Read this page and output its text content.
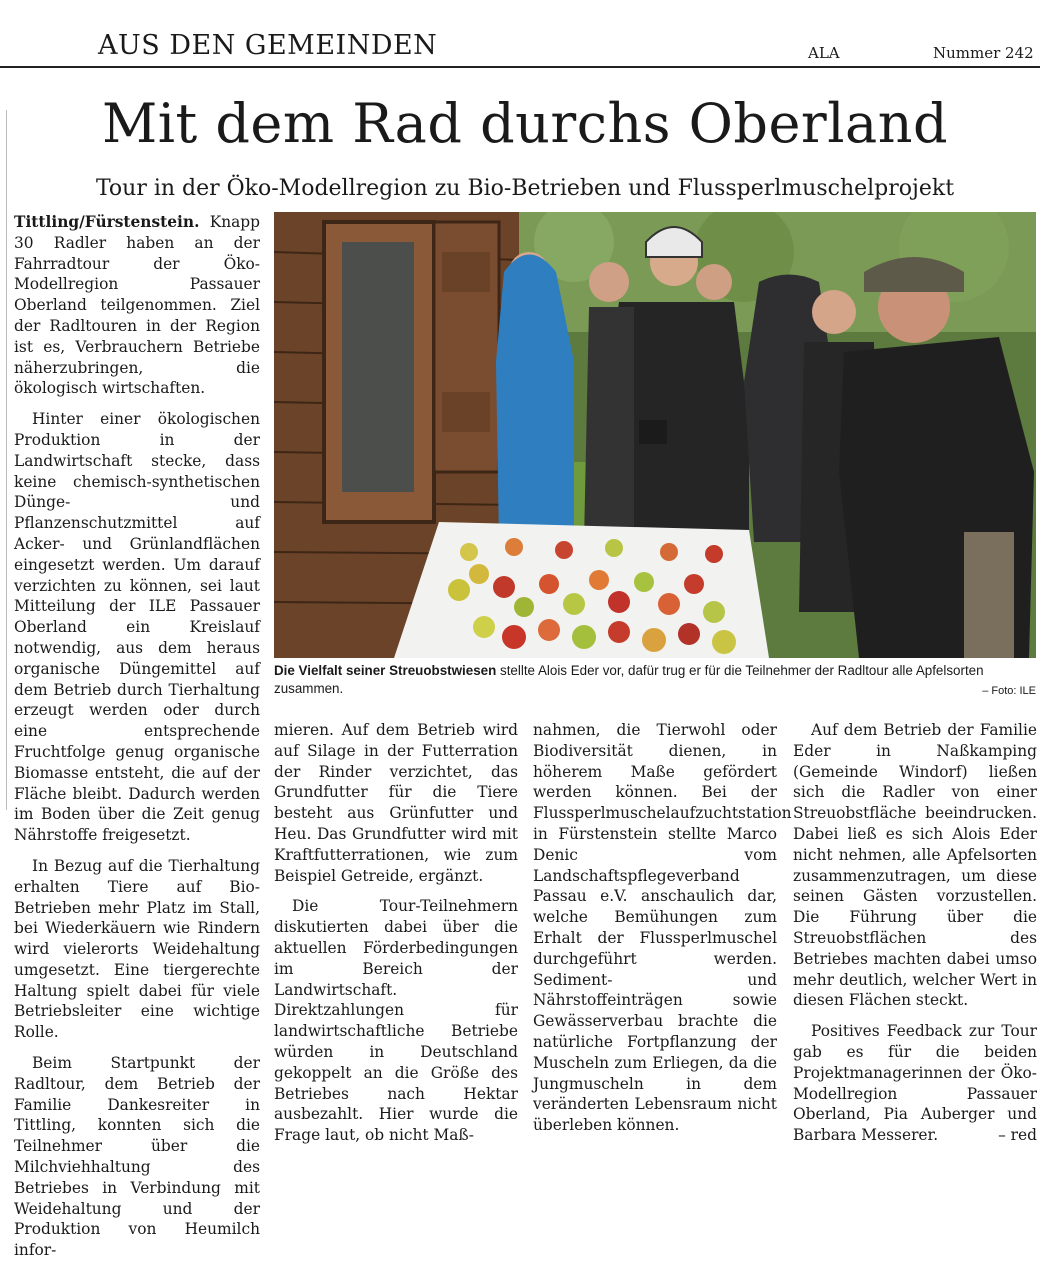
AUS DEN GEMEINDEN	ALA	Nummer 242
Mit dem Rad durchs Oberland
Tour in der Öko-Modellregion zu Bio-Betrieben und Flussperlmuschelprojekt

Tittling/Fürstenstein. Knapp 30 Radler haben an der Fahrradtour der Öko-Modellregion Passauer Oberland teilgenommen. Ziel der Radltouren in der Region ist es, Verbrauchern Betriebe näherzubringen, die ökologisch wirtschaften.

Hinter einer ökologischen Produktion in der Landwirtschaft stecke, dass keine chemisch-synthetischen Dünge- und Pflanzenschutzmittel auf Acker- und Grünlandflächen eingesetzt werden. Um darauf verzichten zu können, sei laut Mitteilung der ILE Passauer Oberland ein Kreislauf notwendig, aus dem heraus organische Düngemittel auf dem Betrieb durch Tierhaltung erzeugt werden oder durch eine entsprechende Fruchtfolge genug organische Biomasse entsteht, die auf der Fläche bleibt. Dadurch werden im Boden über die Zeit genug Nährstoffe freigesetzt.

In Bezug auf die Tierhaltung erhalten Tiere auf Bio-Betrieben mehr Platz im Stall, bei Wiederkäuern wie Rindern wird vielerorts Weidehaltung umgesetzt. Eine tiergerechte Haltung spielt dabei für viele Betriebsleiter eine wichtige Rolle.

Beim Startpunkt der Radltour, dem Betrieb der Familie Dankesreiter in Tittling, konnten sich die Teilnehmer über die Milchviehhaltung des Betriebes in Verbindung mit Weidehaltung und der Produktion von Heumilch infor-

Die Vielfalt seiner Streuobstwiesen stellte Alois Eder vor, dafür trug er für die Teilnehmer der Radltour alle Apfelsorten zusammen.	– Foto: ILE

mieren. Auf dem Betrieb wird auf Silage in der Futterration der Rinder verzichtet, das Grundfutter für die Tiere besteht aus Grünfutter und Heu. Das Grundfutter wird mit Kraftfutterrationen, wie zum Beispiel Getreide, ergänzt.

Die Tour-Teilnehmern diskutierten dabei über die aktuellen Förderbedingungen im Bereich der Landwirtschaft. Direktzahlungen für landwirtschaftliche Betriebe würden in Deutschland gekoppelt an die Größe des Betriebes nach Hektar ausbezahlt. Hier wurde die Frage laut, ob nicht Maß-

nahmen, die Tierwohl oder Biodiversität dienen, in höherem Maße gefördert werden können. Bei der Flussperlmuschelaufzuchtstation in Fürstenstein stellte Marco Denic vom Landschaftspflegeverband Passau e.V. anschaulich dar, welche Bemühungen zum Erhalt der Flussperlmuschel durchgeführt werden. Sediment- und Nährstoffeinträgen sowie Gewässerverbau brachte die natürliche Fortpflanzung der Muscheln zum Erliegen, da die Jungmuscheln in dem veränderten Lebensraum nicht überleben können.

Auf dem Betrieb der Familie Eder in Naßkamping (Gemeinde Windorf) ließen sich die Radler von einer Streuobstfläche beeindrucken. Dabei ließ es sich Alois Eder nicht nehmen, alle Apfelsorten zusammenzutragen, um diese seinen Gästen vorzustellen. Die Führung über die Streuobstflächen des Betriebes machten dabei umso mehr deutlich, welcher Wert in diesen Flächen steckt.

Positives Feedback zur Tour gab es für die beiden Projektmanagerinnen der Öko-Modellregion Passauer Oberland, Pia Auberger und Barbara Messerer.	– red
